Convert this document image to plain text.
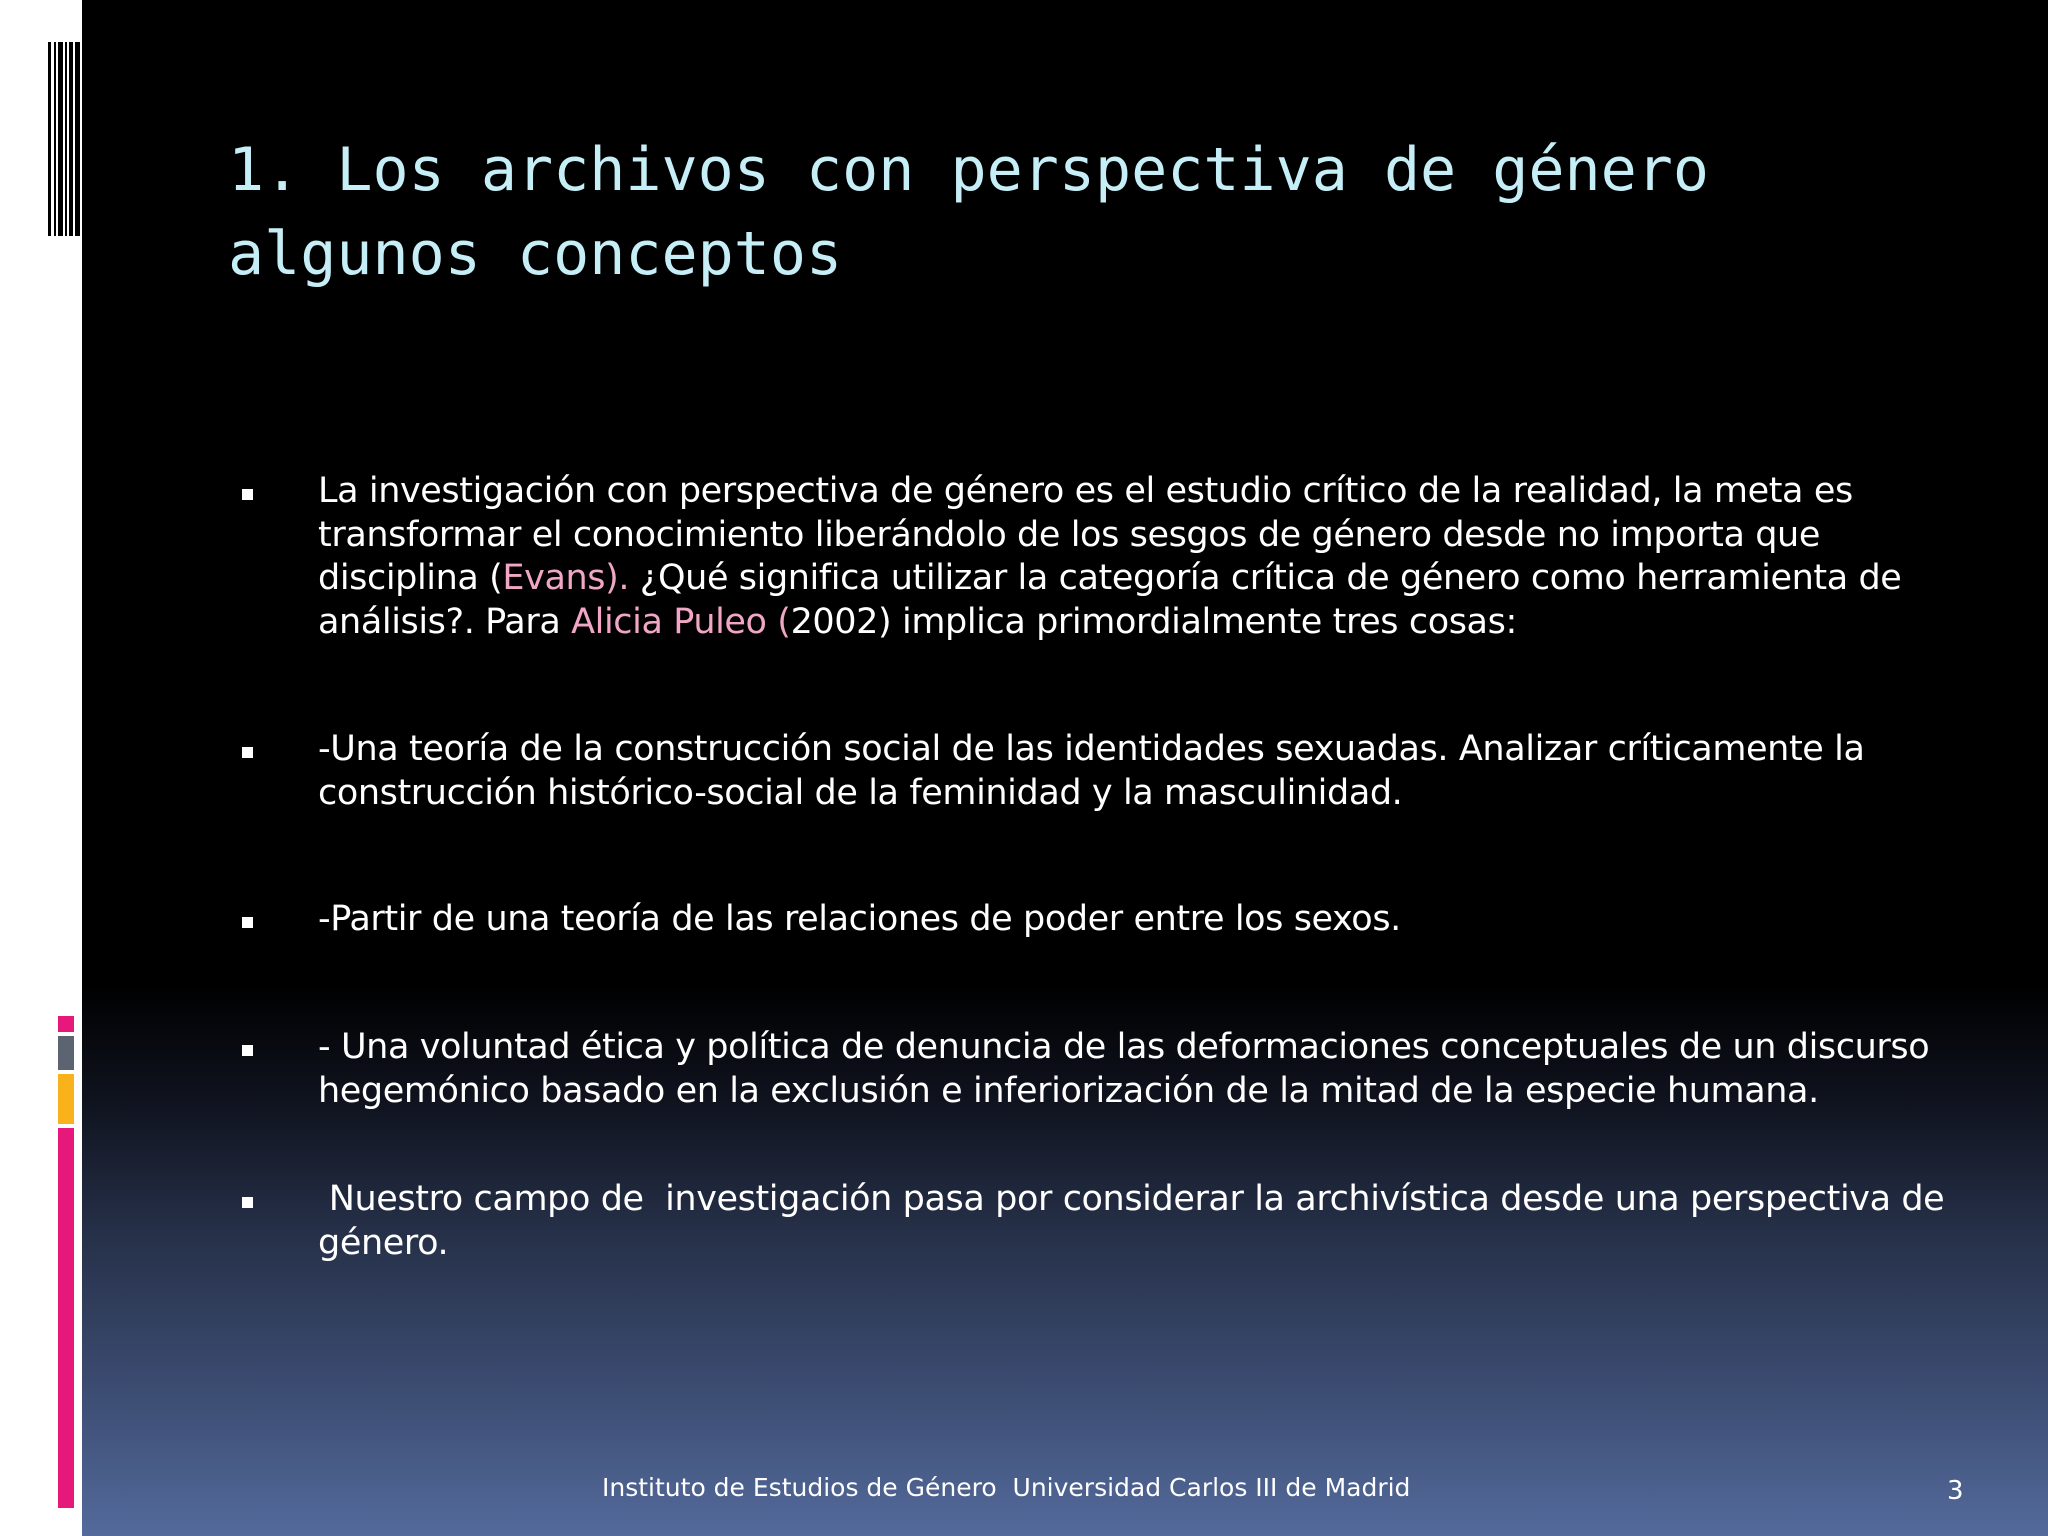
1. Los archivos con perspectiva de género
algunos conceptos

La investigación con perspectiva de género es el estudio crítico de la realidad, la meta es transformar el conocimiento liberándolo de los sesgos de género desde no importa que disciplina (Evans). ¿Qué significa utilizar la categoría crítica de género como herramienta de análisis?. Para Alicia Puleo (2002) implica primordialmente tres cosas:

-Una teoría de la construcción social de las identidades sexuadas. Analizar críticamente la construcción histórico-social de la feminidad y la masculinidad.

-Partir de una teoría de las relaciones de poder entre los sexos.

- Una voluntad ética y política de denuncia de las deformaciones conceptuales de un discurso hegemónico basado en la exclusión e inferiorización de la mitad de la especie humana.

Nuestro campo de  investigación pasa por considerar la archivística desde una perspectiva de género.

Instituto de Estudios de Género  Universidad Carlos III de Madrid	3
